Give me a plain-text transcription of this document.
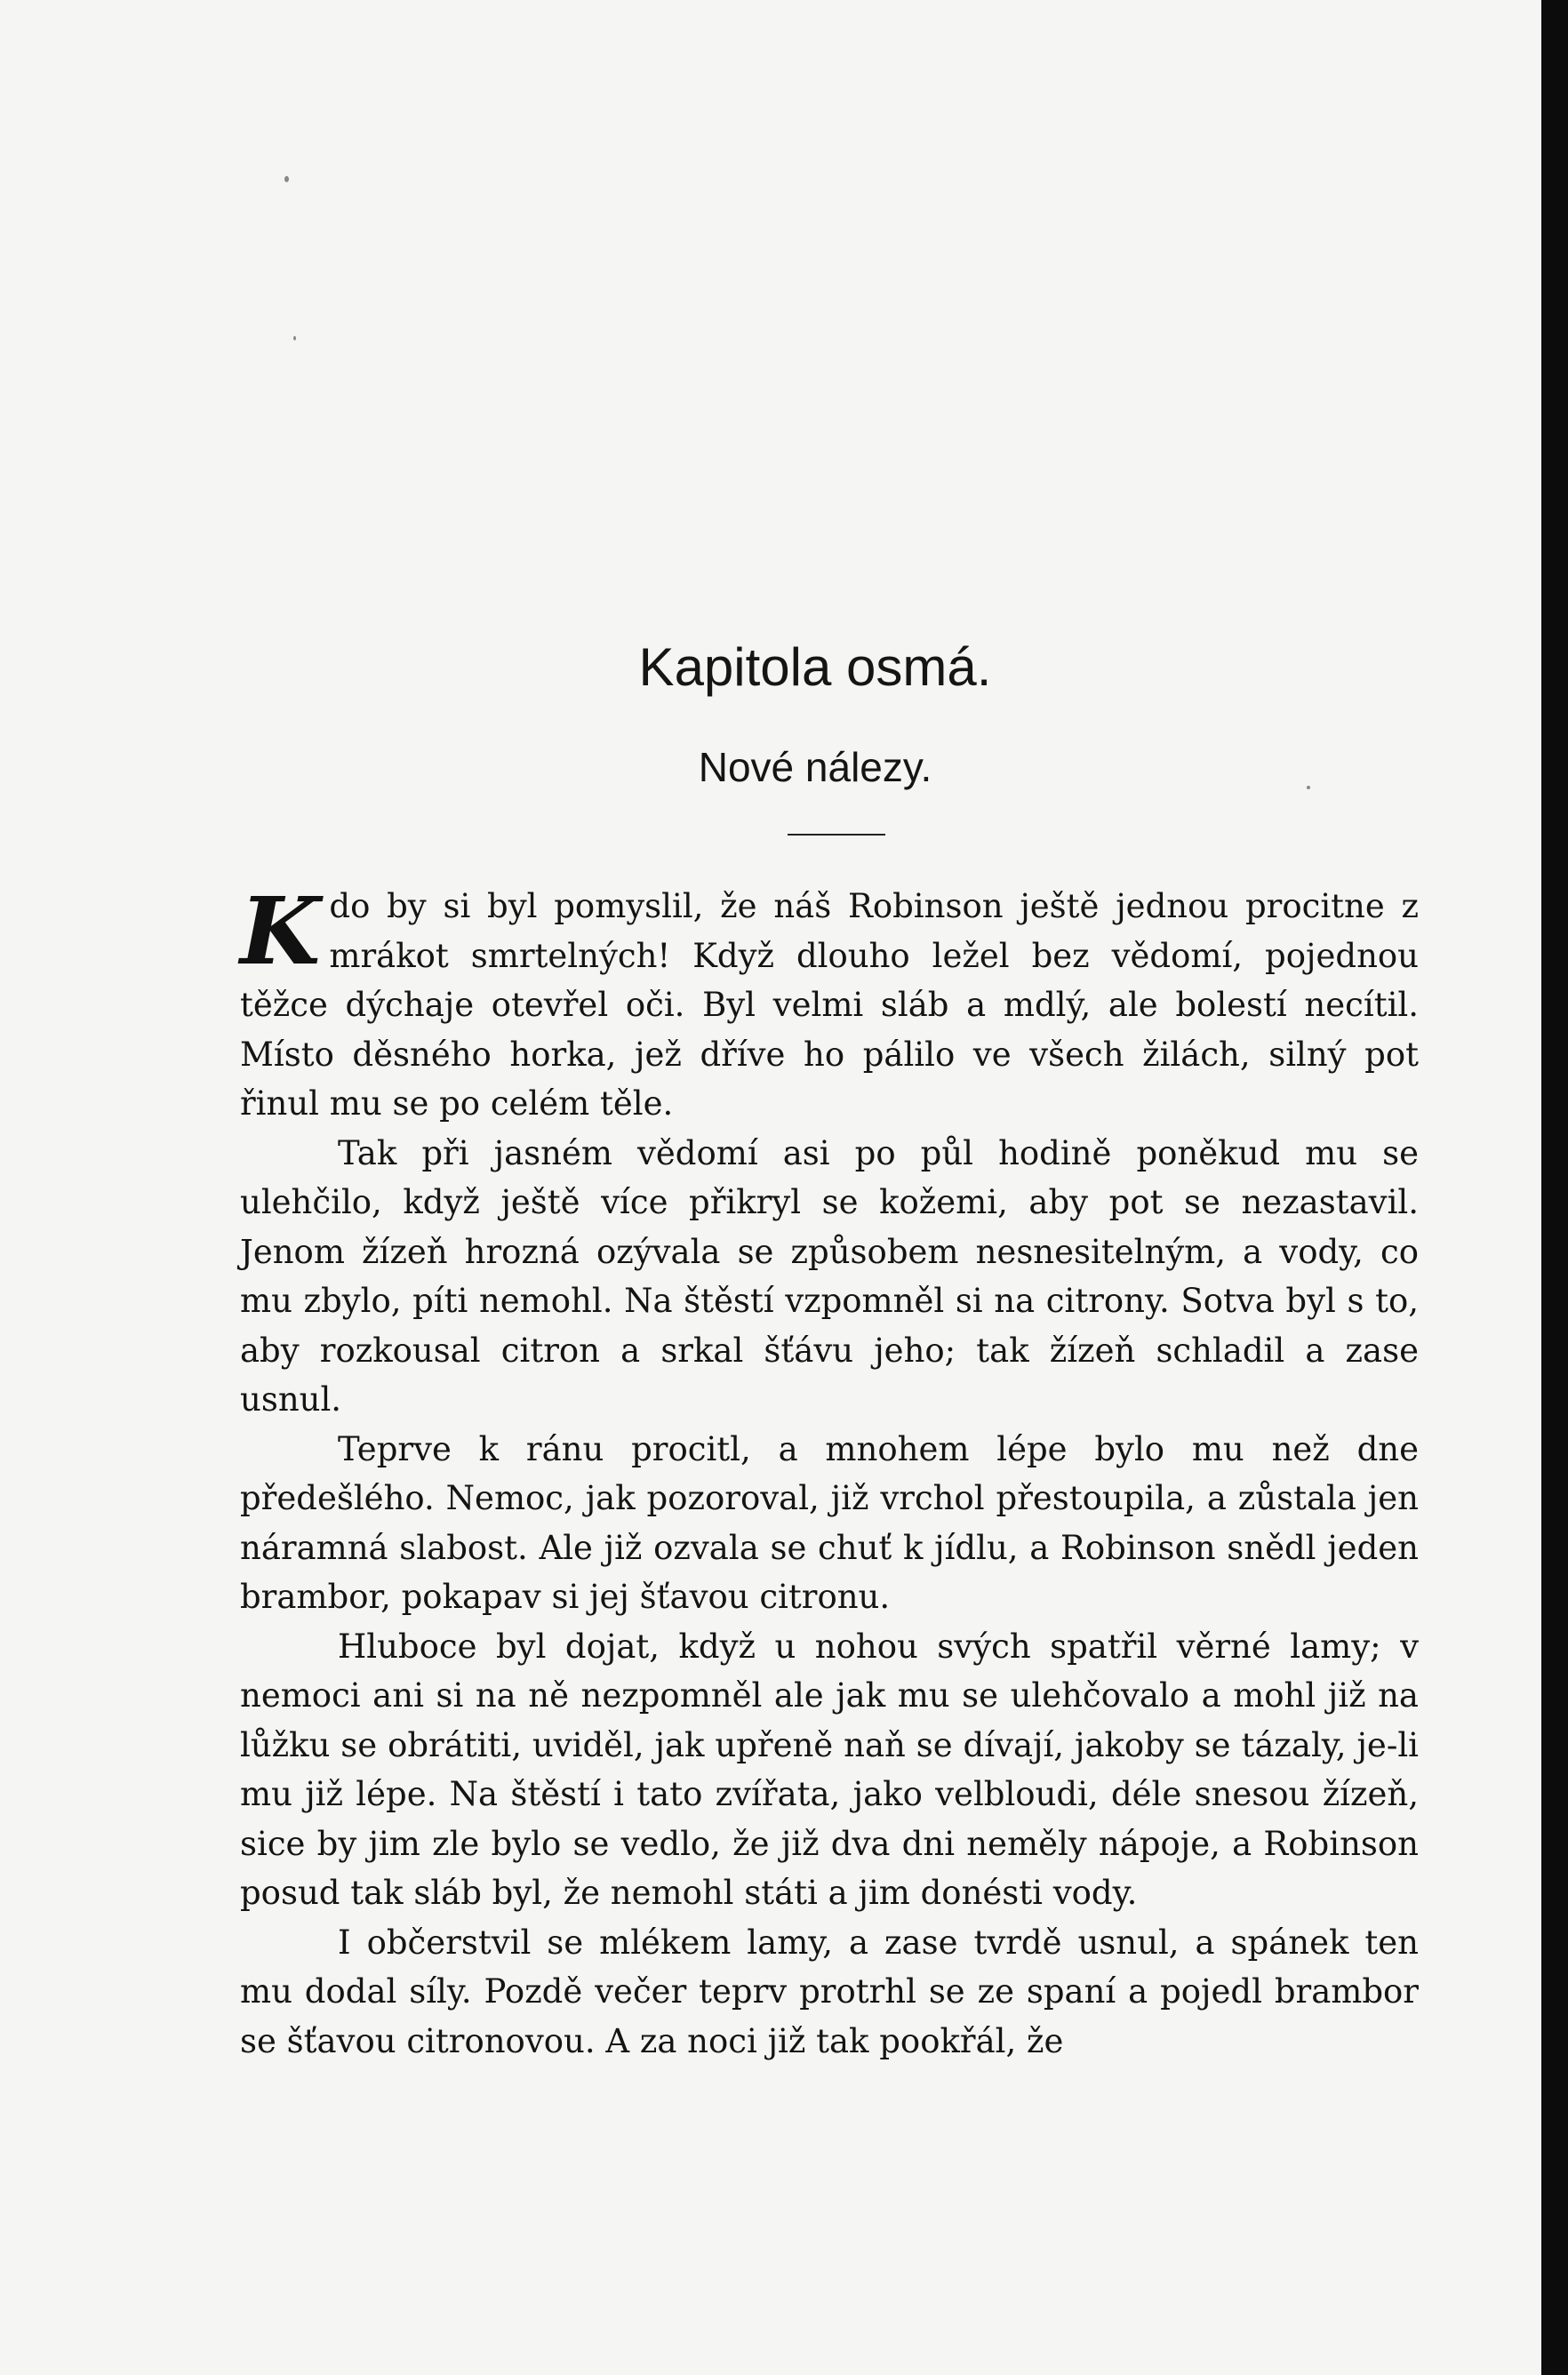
Kapitola osmá.
Nové nálezy.

Kdo by si byl pomyslil, že náš Robinson ještě jednou procitne z mrákot smrtelných! Když dlouho ležel bez vědomí, pojednou těžce dýchaje otevřel oči. Byl velmi sláb a mdlý, ale bolestí necítil. Místo děsného horka, jež dříve ho pálilo ve všech žilách, silný pot řinul mu se po celém těle.

Tak při jasném vědomí asi po půl hodině poněkud mu se ulehčilo, když ještě více přikryl se kožemi, aby pot se nezastavil. Jenom žízeň hrozná ozývala se způsobem nesnesitelným, a vody, co mu zbylo, píti nemohl. Na štěstí vzpomněl si na citrony. Sotva byl s to, aby rozkousal citron a srkal šťávu jeho; tak žízeň schladil a zase usnul.

Teprve k ránu procitl, a mnohem lépe bylo mu než dne předešlého. Nemoc, jak pozoroval, již vrchol přestoupila, a zůstala jen náramná slabost. Ale již ozvala se chuť k jídlu, a Robinson snědl jeden brambor, pokapav si jej šťavou citronu.

Hluboce byl dojat, když u nohou svých spatřil věrné lamy; v nemoci ani si na ně nezpomněl ale jak mu se ulehčovalo a mohl již na lůžku se obrátiti, uviděl, jak upřeně naň se dívají, jakoby se tázaly, je-li mu již lépe. Na štěstí i tato zvířata, jako velbloudi, déle snesou žízeň, sice by jim zle bylo se vedlo, že již dva dni neměly nápoje, a Robinson posud tak sláb byl, že nemohl státi a jim donésti vody.

I občerstvil se mlékem lamy, a zase tvrdě usnul, a spánek ten mu dodal síly. Pozdě večer teprv protrhl se ze spaní a pojedl brambor se šťavou citronovou. A za noci již tak pookřál, že
